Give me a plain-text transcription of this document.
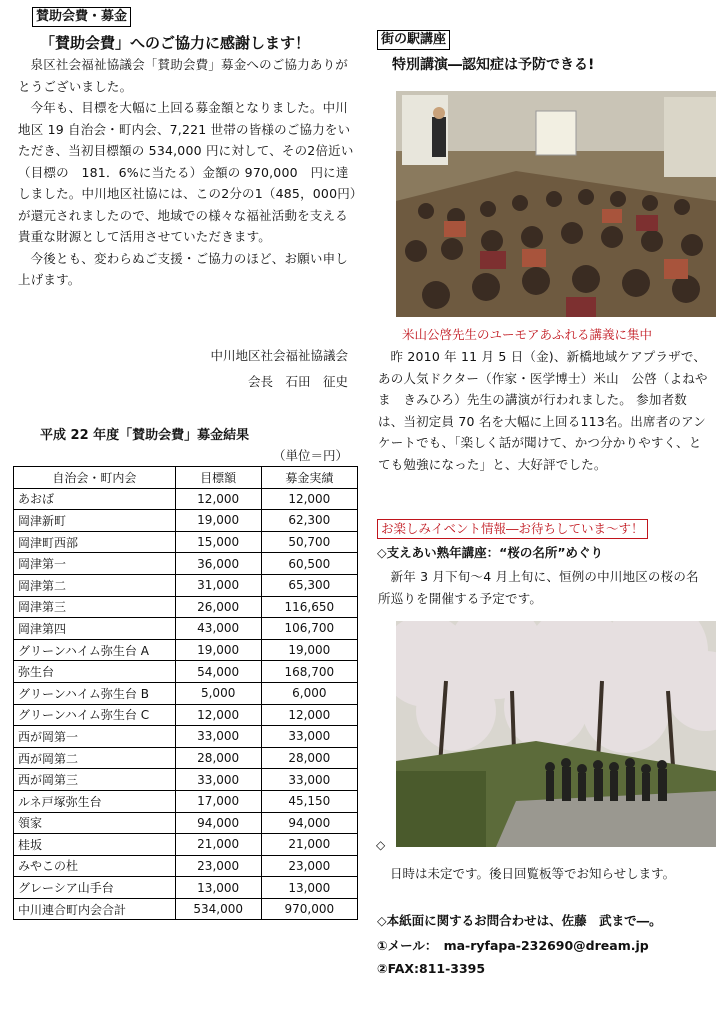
賛助会費・募金
「賛助会費」へのご協力に感謝します！

泉区社会福祉協議会「賛助会費」募金へのご協力ありがとうございました。

今年も、目標を大幅に上回る募金額となりました。中川地区 19 自治会・町内会、7,221 世帯の皆様のご協力をいただき、当初目標額の 534,000 円に対して、その2倍近い（目標の　181．6%に当たる）金額の 970,000　円に達しました。中川地区社協には、この2分の1（485，000円）が還元されましたので、地域での様々な福祉活動を支える貴重な財源として活用させていただきます。

今後とも、変わらぬご支援・ご協力のほど、お願い申し上げます。

中川地区社会福祉協議会
会長　石田　征史
平成 22 年度「賛助会費」募金結果
（単位＝円）
自治会・町内会	目標額	募金実績
あおば	12,000	12,000
岡津新町	19,000	62,300
岡津町西部	15,000	50,700
岡津第一	36,000	60,500
岡津第二	31,000	65,300
岡津第三	26,000	116,650
岡津第四	43,000	106,700
グリーンハイム弥生台 A	19,000	19,000
弥生台	54,000	168,700
グリーンハイム弥生台 B	5,000	6,000
グリーンハイム弥生台 C	12,000	12,000
西が岡第一	33,000	33,000
西が岡第二	28,000	28,000
西が岡第三	33,000	33,000
ルネ戸塚弥生台	17,000	45,150
領家	94,000	94,000
桂坂	21,000	21,000
みやこの杜	23,000	23,000
グレーシア山手台	13,000	13,000
中川連合町内会合計	534,000	970,000
街の駅講座
特別講演―認知症は予防できる!
米山公啓先生のユーモアあふれる講義に集中
昨 2010 年 11 月 5 日（金)、新橋地域ケアプラザで、あの人気ドクター（作家・医学博士）米山　公啓（よねやま　きみひろ）先生の講演が行われました。 参加者数は、当初定員 70 名を大幅に上回る113名。出席者のアンケートでも、「楽しく話が聞けて、かつ分かりやすく、とても勉強になった」と、大好評でした。
お楽しみイベント情報―お待ちしていま～す！
◇支えあい熟年講座：“桜の名所”めぐり
新年 3 月下旬～4 月上旬に、恒例の中川地区の桜の名所巡りを開催する予定です。
◇
日時は未定です。後日回覧板等でお知らせします。
◇本紙面に関するお問合わせは、佐藤　武まで―。
①メール：　ma-ryfapa-232690@dream.jp
②FAX:811-3395
